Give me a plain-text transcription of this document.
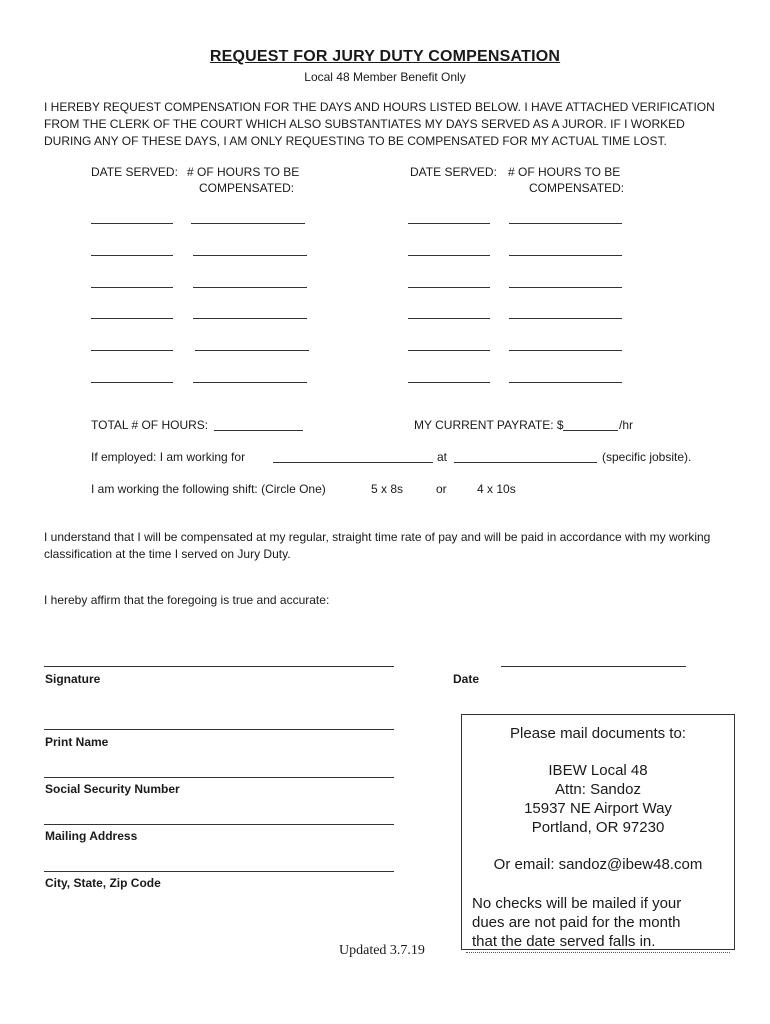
REQUEST FOR JURY DUTY COMPENSATION
Local 48 Member Benefit Only
I HEREBY REQUEST COMPENSATION FOR THE DAYS AND HOURS LISTED BELOW. I HAVE ATTACHED VERIFICATION FROM THE CLERK OF THE COURT WHICH ALSO SUBSTANTIATES MY DAYS SERVED AS A JUROR. IF I WORKED DURING ANY OF THESE DAYS, I AM ONLY REQUESTING TO BE COMPENSATED FOR MY ACTUAL TIME LOST.
DATE SERVED: # OF HOURS TO BE
COMPENSATED:
DATE SERVED: # OF HOURS TO BE
COMPENSATED:
TOTAL # OF HOURS:	MY CURRENT PAYRATE: $	/hr
If employed: I am working for	at	(specific jobsite).
I am working the following shift: (Circle One)	5 x 8s	or	4 x 10s
I understand that I will be compensated at my regular, straight time rate of pay and will be paid in accordance with my working classification at the time I served on Jury Duty.
I hereby affirm that the foregoing is true and accurate:
Signature	Date
Print Name
Social Security Number
Mailing Address
City, State, Zip Code
Please mail documents to:
IBEW Local 48
Attn: Sandoz
15937 NE Airport Way
Portland, OR 97230
Or email: sandoz@ibew48.com
No checks will be mailed if your
dues are not paid for the month
that the date served falls in.
Updated 3.7.19
